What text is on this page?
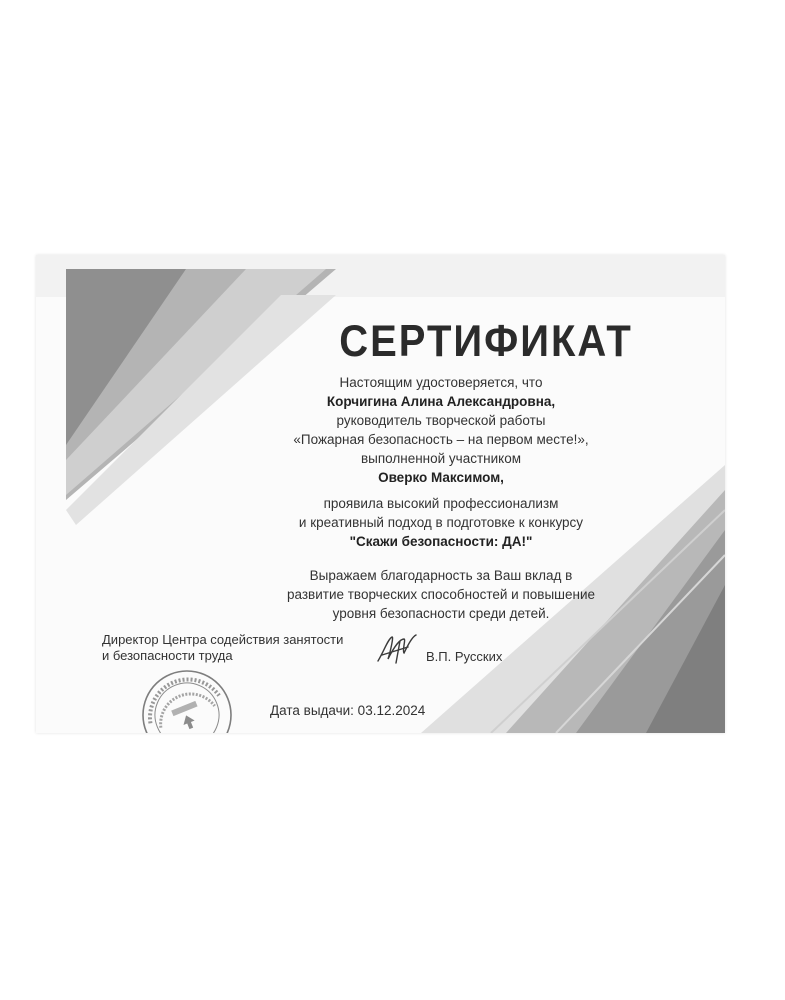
СЕРТИФИКАТ
Настоящим удостоверяется, что
Корчигина Алина Александровна,
руководитель творческой работы
«Пожарная безопасность – на первом месте!»,
выполненной участником
Оверко Максимом,
проявила высокий профессионализм
и креативный подход в подготовке к конкурсу
"Скажи безопасности: ДА!"
Выражаем благодарность за Ваш вклад в
развитие творческих способностей и повышение
уровня безопасности среди детей.
Директор Центра содействия занятости
и безопасности труда	В.П. Русских
Дата выдачи: 03.12.2024
